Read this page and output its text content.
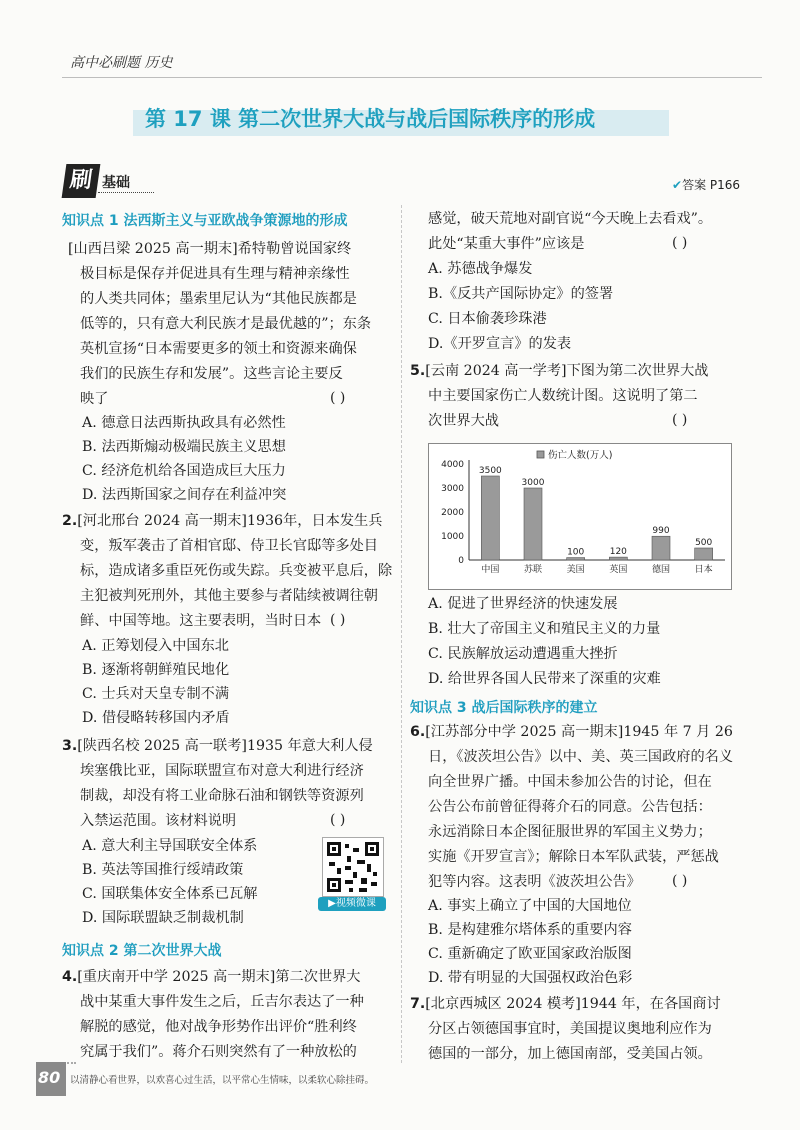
高中必刷题 历史
第 17 课 第二次世界大战与战后国际秩序的形成
刷 基础	✔答案 P166
知识点 1 法西斯主义与亚欧战争策源地的形成
[山西吕梁 2025 高一期末]希特勒曾说国家终
极目标是保存并促进具有生理与精神亲缘性
的人类共同体；墨索里尼认为“其他民族都是
低等的，只有意大利民族才是最优越的”；东条
英机宣扬“日本需要更多的领土和资源来确保
我们的民族生存和发展”。这些言论主要反
映了	( )
A. 德意日法西斯执政具有必然性
B. 法西斯煽动极端民族主义思想
C. 经济危机给各国造成巨大压力
D. 法西斯国家之间存在利益冲突
2.[河北邢台 2024 高一期末]1936年，日本发生兵
变，叛军袭击了首相官邸、侍卫长官邸等多处目
标，造成诸多重臣死伤或失踪。兵变被平息后，除
主犯被判死刑外，其他主要参与者陆续被调往朝
鲜、中国等地。这主要表明，当时日本 ( )
A. 正筹划侵入中国东北
B. 逐渐将朝鲜殖民地化
C. 士兵对天皇专制不满
D. 借侵略转移国内矛盾
3.[陕西名校 2025 高一联考]1935 年意大利人侵
埃塞俄比亚，国际联盟宣布对意大利进行经济
制裁，却没有将工业命脉石油和钢铁等资源列
入禁运范围。该材料说明	( )
A. 意大利主导国联安全体系
B. 英法等国推行绥靖政策
C. 国联集体安全体系已瓦解
D. 国际联盟缺乏制裁机制
▶视频微课
知识点 2 第二次世界大战
4.[重庆南开中学 2025 高一期末]第二次世界大
战中某重大事件发生之后，丘吉尔表达了一种
解脱的感觉，他对战争形势作出评价“胜利终
究属于我们”。蒋介石则突然有了一种放松的
感觉，破天荒地对副官说“今天晚上去看戏”。
此处“某重大事件”应该是	( )
A. 苏德战争爆发
B.《反共产国际协定》的签署
C. 日本偷袭珍珠港
D.《开罗宣言》的发表
5.[云南 2024 高一学考]下图为第二次世界大战
中主要国家伤亡人数统计图。这说明了第二
次世界大战	( )
伤亡人数(万人)
0
1000
2000
3000
4000
3500
中国
3000
苏联
100
美国
120
英国
990
德国
500
日本
A. 促进了世界经济的快速发展
B. 壮大了帝国主义和殖民主义的力量
C. 民族解放运动遭遇重大挫折
D. 给世界各国人民带来了深重的灾难
知识点 3 战后国际秩序的建立
6.[江苏部分中学 2025 高一期末]1945 年 7 月 26
日，《波茨坦公告》以中、美、英三国政府的名义
向全世界广播。中国未参加公告的讨论，但在
公告公布前曾征得蒋介石的同意。公告包括：
永远消除日本企图征服世界的军国主义势力；
实施《开罗宣言》；解除日本军队武装，严惩战
犯等内容。这表明《波茨坦公告》 ( )
A. 事实上确立了中国的大国地位
B. 是构建雅尔塔体系的重要内容
C. 重新确定了欧亚国家政治版图
D. 带有明显的大国强权政治色彩
7.[北京西城区 2024 模考]1944 年，在各国商讨
分区占领德国事宜时，美国提议奥地利应作为
德国的一部分，加上德国南部，受美国占领。
80 以清静心看世界，以欢喜心过生活，以平常心生情味，以柔软心除挂碍。
